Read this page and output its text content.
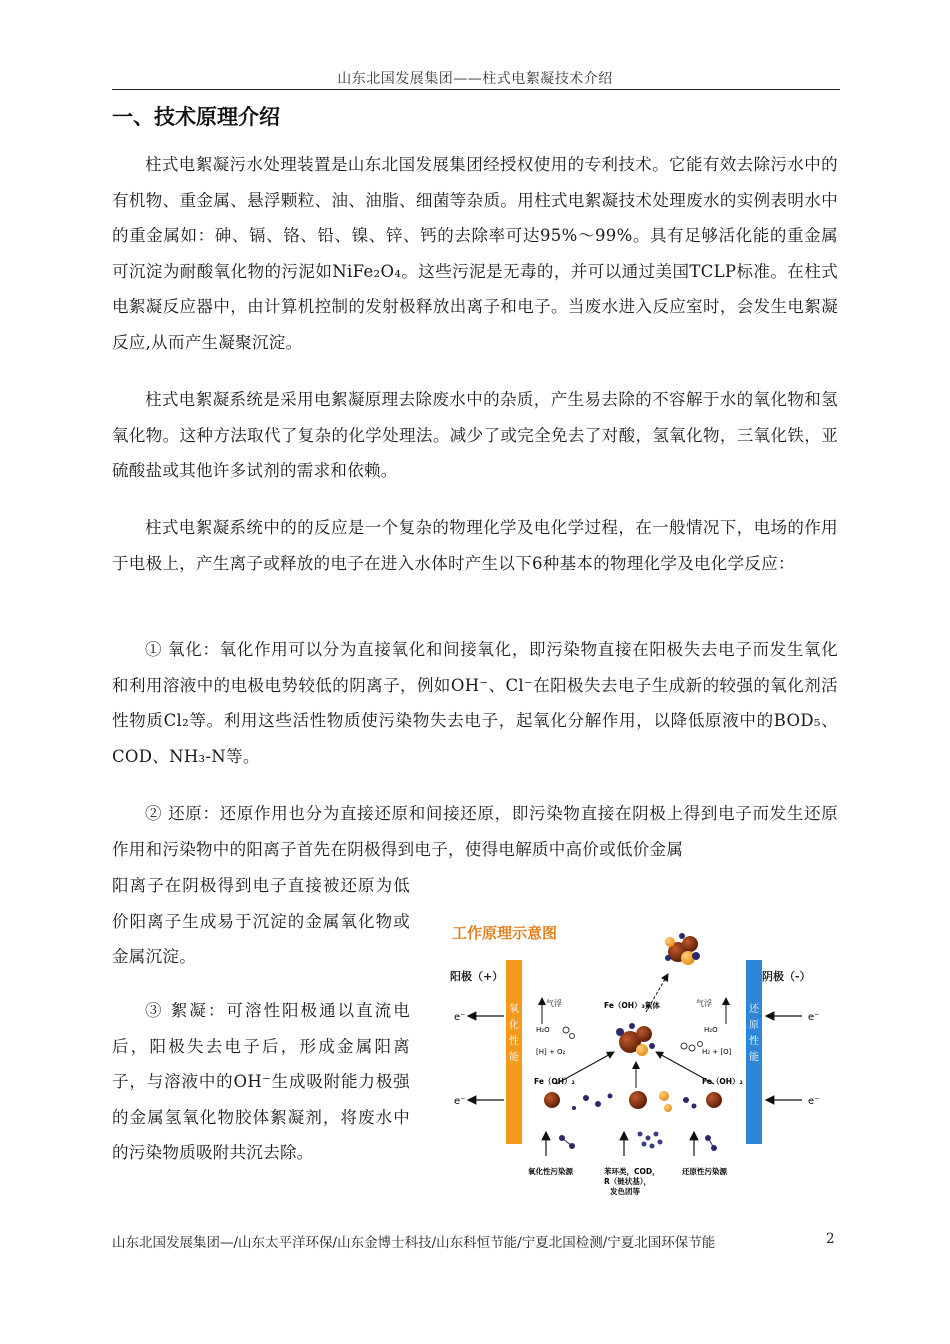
山东北国发展集团——柱式电絮凝技术介绍
一、技术原理介绍

柱式电絮凝污水处理装置是山东北国发展集团经授权使用的专利技术。它能有效去除污水中的有机物、重金属、悬浮颗粒、油、油脂、细菌等杂质。用柱式电絮凝技术处理废水的实例表明水中的重金属如：砷、镉、铬、铅、镍、锌、钙的去除率可达95%～99%。具有足够活化能的重金属可沉淀为耐酸氧化物的污泥如NiFe₂O₄。这些污泥是无毒的，并可以通过美国TCLP标准。在柱式电絮凝反应器中，由计算机控制的发射极释放出离子和电子。当废水进入反应室时，会发生电絮凝反应,从而产生凝聚沉淀。

柱式电絮凝系统是采用电絮凝原理去除废水中的杂质，产生易去除的不容解于水的氧化物和氢氧化物。这种方法取代了复杂的化学处理法。减少了或完全免去了对酸，氢氧化物，三氧化铁，亚硫酸盐或其他许多试剂的需求和依赖。

柱式电絮凝系统中的的反应是一个复杂的物理化学及电化学过程，在一般情况下，电场的作用于电极上，产生离子或释放的电子在进入水体时产生以下6种基本的物理化学及电化学反应：

① 氧化：氧化作用可以分为直接氧化和间接氧化，即污染物直接在阳极失去电子而发生氧化和利用溶液中的电极电势较低的阴离子，例如OH⁻、Cl⁻在阳极失去电子生成新的较强的氧化剂活性物质Cl₂等。利用这些活性物质使污染物失去电子，起氧化分解作用，以降低原液中的BOD₅、COD、NH₃-N等。

② 还原：还原作用也分为直接还原和间接还原，即污染物直接在阴极上得到电子而发生还原作用和污染物中的阳离子首先在阴极得到电子，使得电解质中高价或低价金属

阳离子在阴极得到电子直接被还原为低价阳离子生成易于沉淀的金属氧化物或金属沉淀。

③ 絮凝：可溶性阳极通以直流电后，阳极失去电子后，形成金属阳离子，与溶液中的OH⁻生成吸附能力极强的金属氢氧化物胶体絮凝剂，将废水中的污染物质吸附共沉去除。

工作原理示意图
阳极（+）	阴极（-）
氧
化
性
能
还
原
性
能
e⁻
e⁻
e⁻
e⁻
气浮
H₂O
[H] + O₂
气浮
H₂O
H₂ + [O]
Fe（OH）₃絮体
Fe（OH）₂	Fe（OH）₂
氧化性污染源	苯环类，COD，
R（链状基），
发色团等
还原性污染源
山东北国发展集团—/山东太平洋环保/山东金博士科技/山东科恒节能/宁夏北国检测/宁夏北国环保节能	2
